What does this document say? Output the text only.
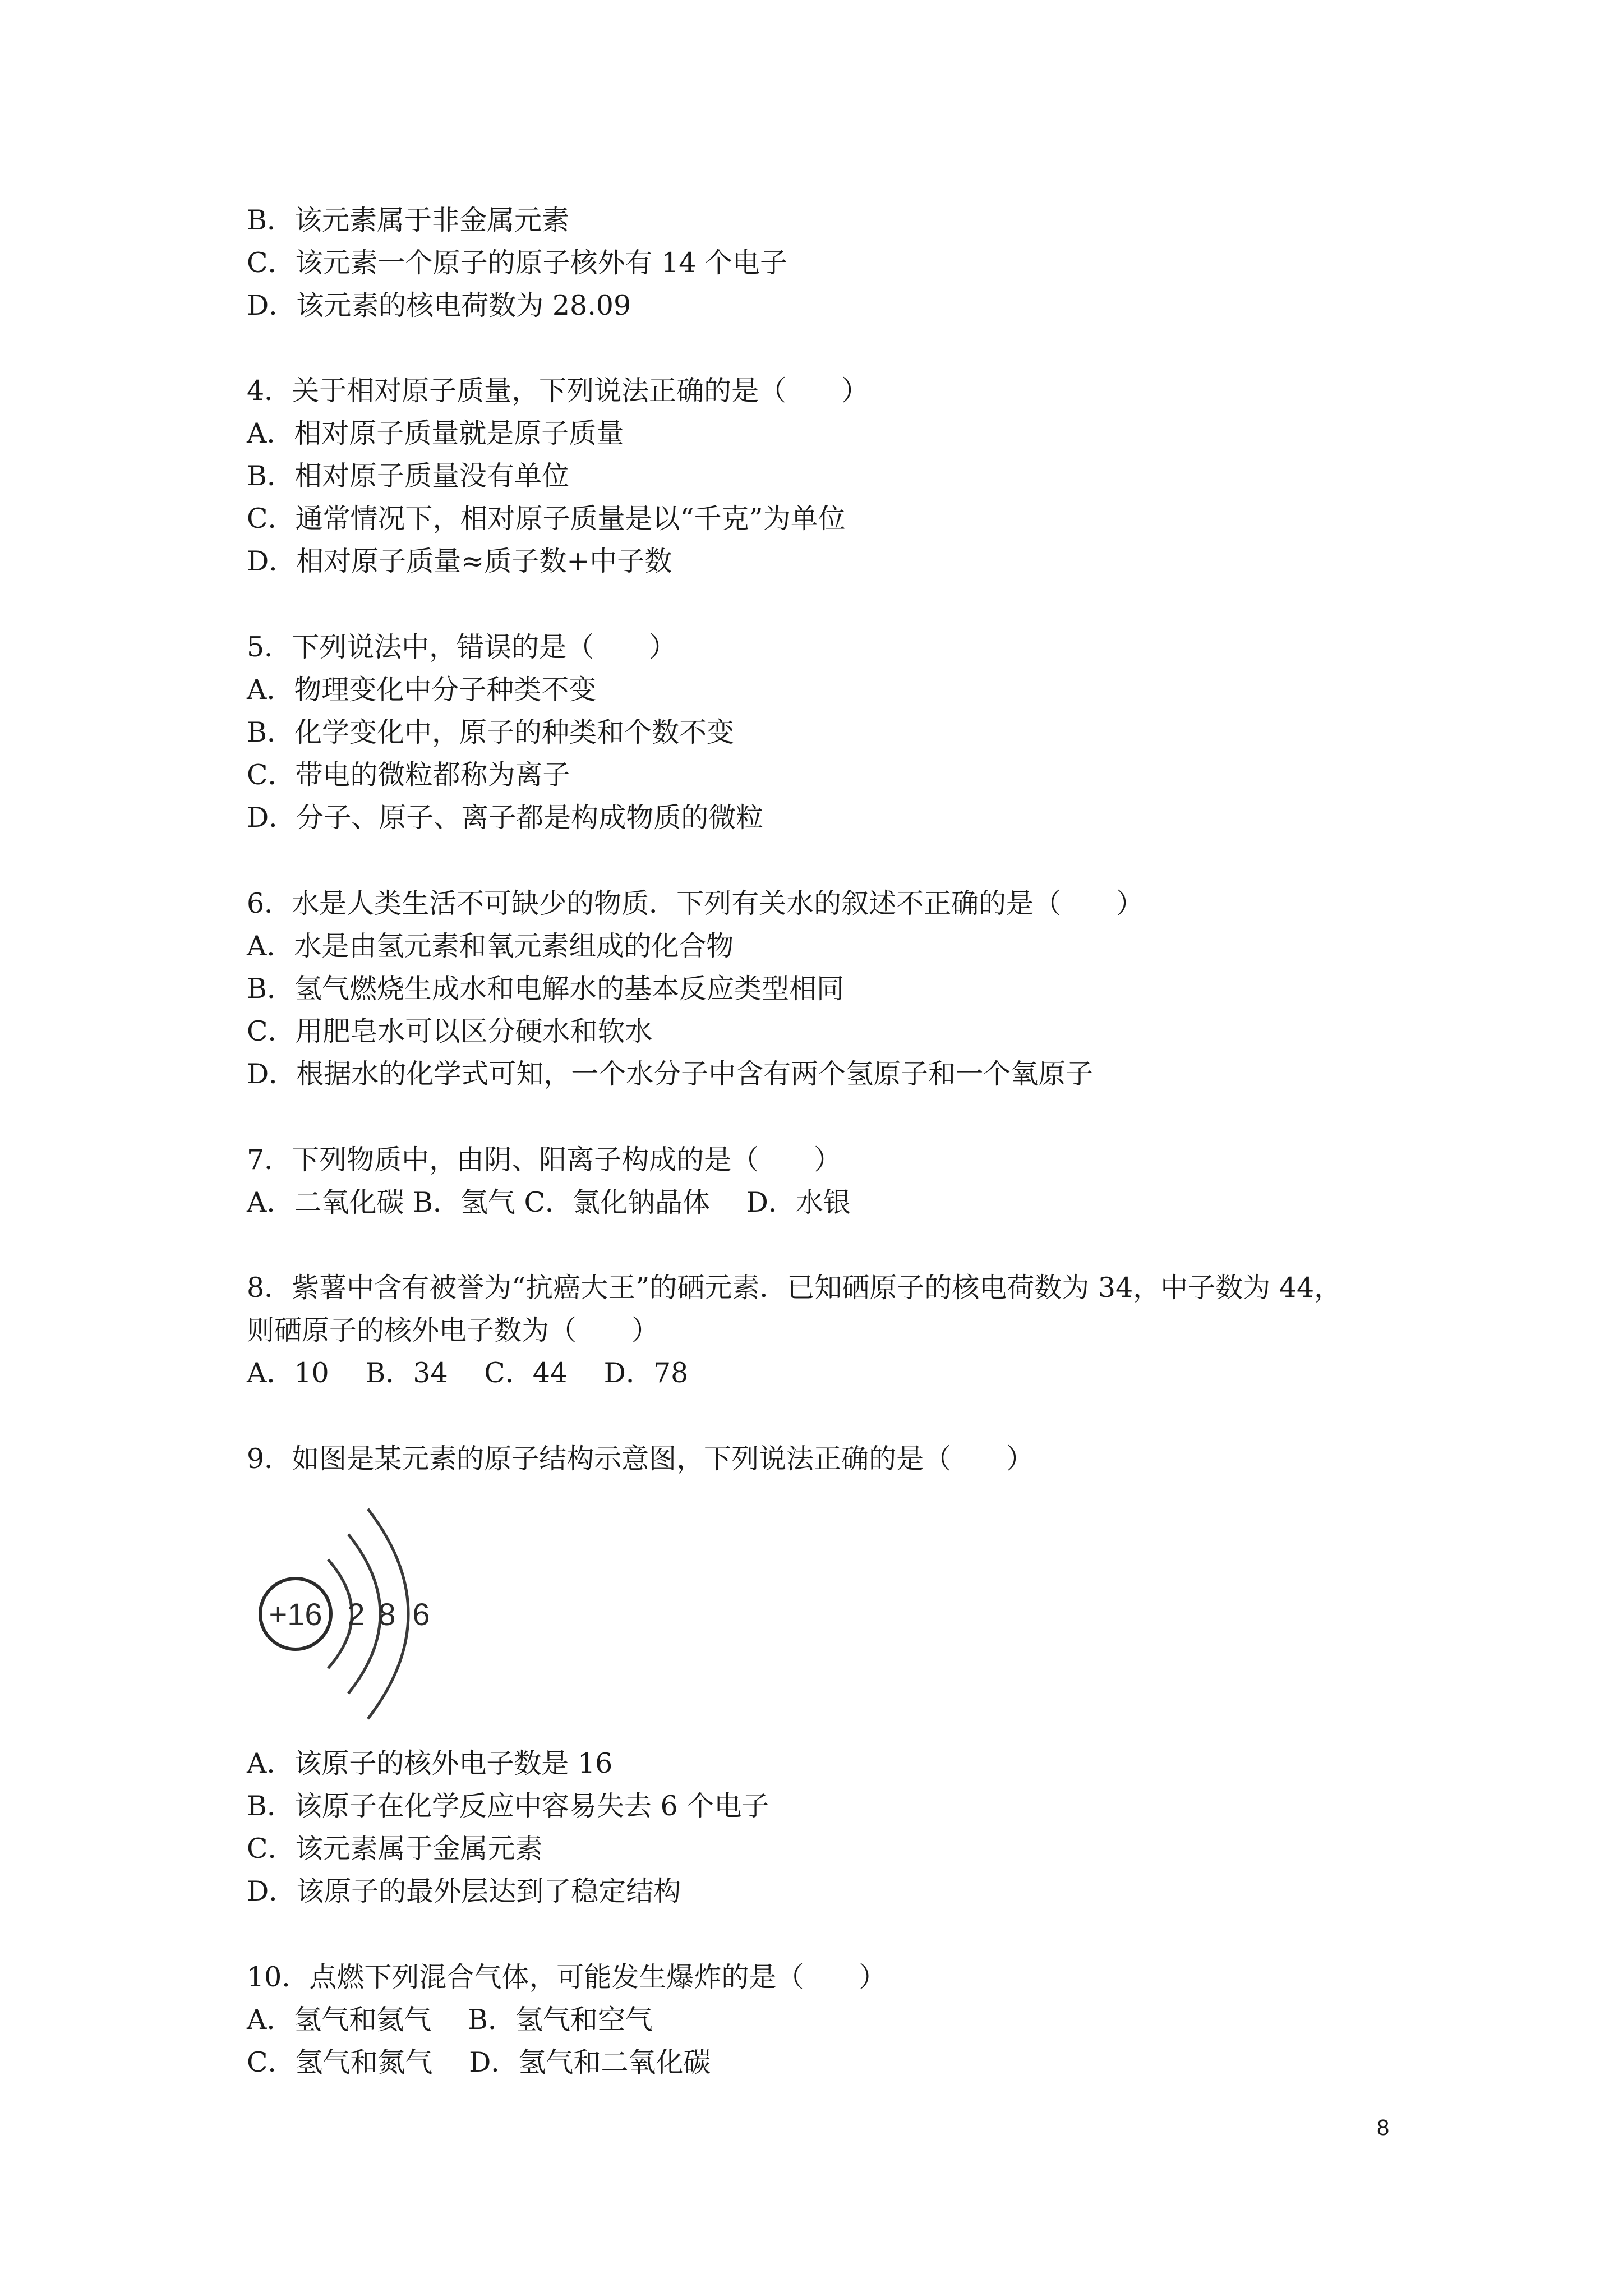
B．该元素属于非金属元素
C．该元素一个原子的原子核外有 14 个电子
D．该元素的核电荷数为 28.09
4．关于相对原子质量，下列说法正确的是（　　）
A．相对原子质量就是原子质量
B．相对原子质量没有单位
C．通常情况下，相对原子质量是以“千克”为单位
D．相对原子质量≈质子数+中子数
5．下列说法中，错误的是（　　）
A．物理变化中分子种类不变
B．化学变化中，原子的种类和个数不变
C．带电的微粒都称为离子
D．分子、原子、离子都是构成物质的微粒
6．水是人类生活不可缺少的物质．下列有关水的叙述不正确的是（　　）
A．水是由氢元素和氧元素组成的化合物
B．氢气燃烧生成水和电解水的基本反应类型相同
C．用肥皂水可以区分硬水和软水
D．根据水的化学式可知，一个水分子中含有两个氢原子和一个氧原子
7．下列物质中，由阴、阳离子构成的是（　　）
A．二氧化碳 B．氢气 C．氯化钠晶体　 D．水银
8．紫薯中含有被誉为“抗癌大王”的硒元素．已知硒原子的核电荷数为 34，中子数为 44，
则硒原子的核外电子数为（　　）
A．10　 B．34　 C．44　 D．78
9．如图是某元素的原子结构示意图，下列说法正确的是（　　）
+16 2 8 6
A．该原子的核外电子数是 16
B．该原子在化学反应中容易失去 6 个电子
C．该元素属于金属元素
D．该原子的最外层达到了稳定结构
10．点燃下列混合气体，可能发生爆炸的是（　　）
A．氢气和氦气　 B．氢气和空气
C．氢气和氮气　 D．氢气和二氧化碳
8
